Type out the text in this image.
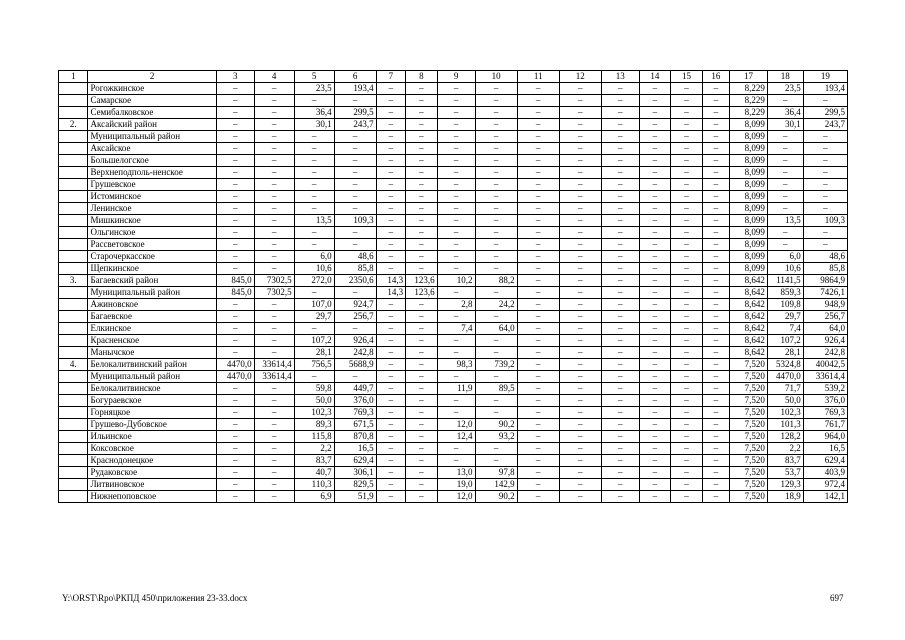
1	2	3	4	5	6	7	8	9	10	11	12	13	14	15	16	17	18	19
	Рогожкинское	–	–	23,5	193,4	–	–	–	–	–	–	–	–	–	–	8,229	23,5	193,4
	Самарское	–	–	–	–	–	–	–	–	–	–	–	–	–	–	8,229	–	–
	Семибалковское	–	–	36,4	299,5	–	–	–	–	–	–	–	–	–	–	8,229	36,4	299,5
2.	Аксайский район	–	–	30,1	243,7	–	–	–	–	–	–	–	–	–	–	8,099	30,1	243,7
	Муниципальный район	–	–	–	–	–	–	–	–	–	–	–	–	–	–	8,099	–	–
	Аксайское	–	–	–	–	–	–	–	–	–	–	–	–	–	–	8,099	–	–
	Большелогское	–	–	–	–	–	–	–	–	–	–	–	–	–	–	8,099	–	–
	Верхнеподполь-ненское	–	–	–	–	–	–	–	–	–	–	–	–	–	–	8,099	–	–
	Грушевское	–	–	–	–	–	–	–	–	–	–	–	–	–	–	8,099	–	–
	Истоминское	–	–	–	–	–	–	–	–	–	–	–	–	–	–	8,099	–	–
	Ленинское	–	–	–	–	–	–	–	–	–	–	–	–	–	–	8,099	–	–
	Мишкинское	–	–	13,5	109,3	–	–	–	–	–	–	–	–	–	–	8,099	13,5	109,3
	Ольгинское	–	–	–	–	–	–	–	–	–	–	–	–	–	–	8,099	–	–
	Рассветовское	–	–	–	–	–	–	–	–	–	–	–	–	–	–	8,099	–	–
	Старочеркасское	–	–	6,0	48,6	–	–	–	–	–	–	–	–	–	–	8,099	6,0	48,6
	Щепкинское	–	–	10,6	85,8	–	–	–	–	–	–	–	–	–	–	8,099	10,6	85,8
3.	Багаевский район	845,0	7302,5	272,0	2350,6	14,3	123,6	10,2	88,2	–	–	–	–	–	–	8,642	1141,5	9864,9
	Муниципальный район	845,0	7302,5	–	–	14,3	123,6	–	–	–	–	–	–	–	–	8,642	859,3	7426,1
	Ажиновское	–	–	107,0	924,7	–	–	2,8	24,2	–	–	–	–	–	–	8,642	109,8	948,9
	Багаевское	–	–	29,7	256,7	–	–	–	–	–	–	–	–	–	–	8,642	29,7	256,7
	Елкинское	–	–	–	–	–	–	7,4	64,0	–	–	–	–	–	–	8,642	7,4	64,0
	Красненское	–	–	107,2	926,4	–	–	–	–	–	–	–	–	–	–	8,642	107,2	926,4
	Манычское	–	–	28,1	242,8	–	–	–	–	–	–	–	–	–	–	8,642	28,1	242,8
4.	Белокалитвинский район	4470,0	33614,4	756,5	5688,9	–	–	98,3	739,2	–	–	–	–	–	–	7,520	5324,8	40042,5
	Муниципальный район	4470,0	33614,4	–	–	–	–	–	–	–	–	–	–	–	–	7,520	4470,0	33614,4
	Белокалитвинское	–	–	59,8	449,7	–	–	11,9	89,5	–	–	–	–	–	–	7,520	71,7	539,2
	Богураевское	–	–	50,0	376,0	–	–	–	–	–	–	–	–	–	–	7,520	50,0	376,0
	Горняцкое	–	–	102,3	769,3	–	–	–	–	–	–	–	–	–	–	7,520	102,3	769,3
	Грушево-Дубовское	–	–	89,3	671,5	–	–	12,0	90,2	–	–	–	–	–	–	7,520	101,3	761,7
	Ильинское	–	–	115,8	870,8	–	–	12,4	93,2	–	–	–	–	–	–	7,520	128,2	964,0
	Коксовское	–	–	2,2	16,5	–	–	–	–	–	–	–	–	–	–	7,520	2,2	16,5
	Краснодонецкое	–	–	83,7	629,4	–	–	–	–	–	–	–	–	–	–	7,520	83,7	629,4
	Рудаковское	–	–	40,7	306,1	–	–	13,0	97,8	–	–	–	–	–	–	7,520	53,7	403,9
	Литвиновское	–	–	110,3	829,5	–	–	19,0	142,9	–	–	–	–	–	–	7,520	129,3	972,4
	Нижнепоповское	–	–	6,9	51,9	–	–	12,0	90,2	–	–	–	–	–	–	7,520	18,9	142,1
Y:\ORST\Rpo\РКПД 450\приложения 23-33.docx	697
